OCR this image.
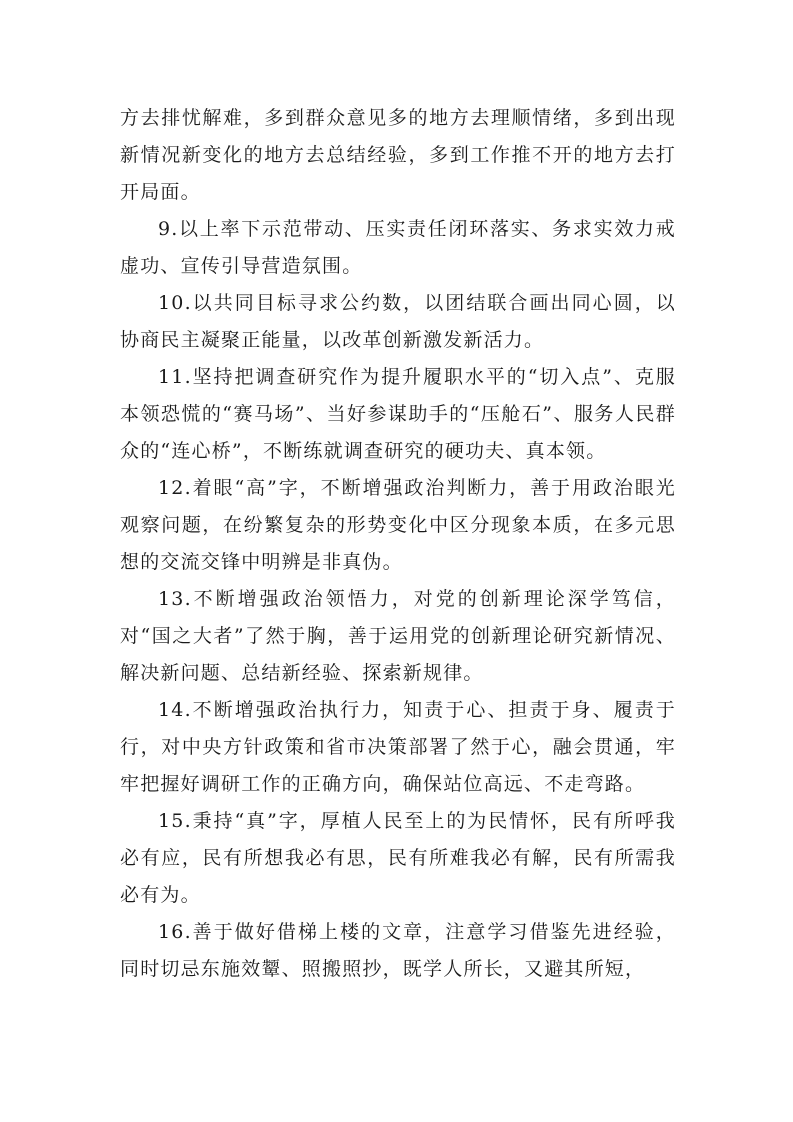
方去排忧解难，多到群众意见多的地方去理顺情绪，多到出现新情况新变化的地方去总结经验，多到工作推不开的地方去打开局面。

9.以上率下示范带动、压实责任闭环落实、务求实效力戒虚功、宣传引导营造氛围。

10.以共同目标寻求公约数，以团结联合画出同心圆，以协商民主凝聚正能量，以改革创新激发新活力。

11.坚持把调查研究作为提升履职水平的“切入点”、克服本领恐慌的“赛马场”、当好参谋助手的“压舱石”、服务人民群众的“连心桥”，不断练就调查研究的硬功夫、真本领。

12.着眼“高”字，不断增强政治判断力，善于用政治眼光观察问题，在纷繁复杂的形势变化中区分现象本质，在多元思想的交流交锋中明辨是非真伪。

13.不断增强政治领悟力，对党的创新理论深学笃信，对“国之大者”了然于胸，善于运用党的创新理论研究新情况、解决新问题、总结新经验、探索新规律。

14.不断增强政治执行力，知责于心、担责于身、履责于行，对中央方针政策和省市决策部署了然于心，融会贯通，牢牢把握好调研工作的正确方向，确保站位高远、不走弯路。

15.秉持“真”字，厚植人民至上的为民情怀，民有所呼我必有应，民有所想我必有思，民有所难我必有解，民有所需我必有为。

16.善于做好借梯上楼的文章，注意学习借鉴先进经验，同时切忌东施效颦、照搬照抄，既学人所长，又避其所短，
